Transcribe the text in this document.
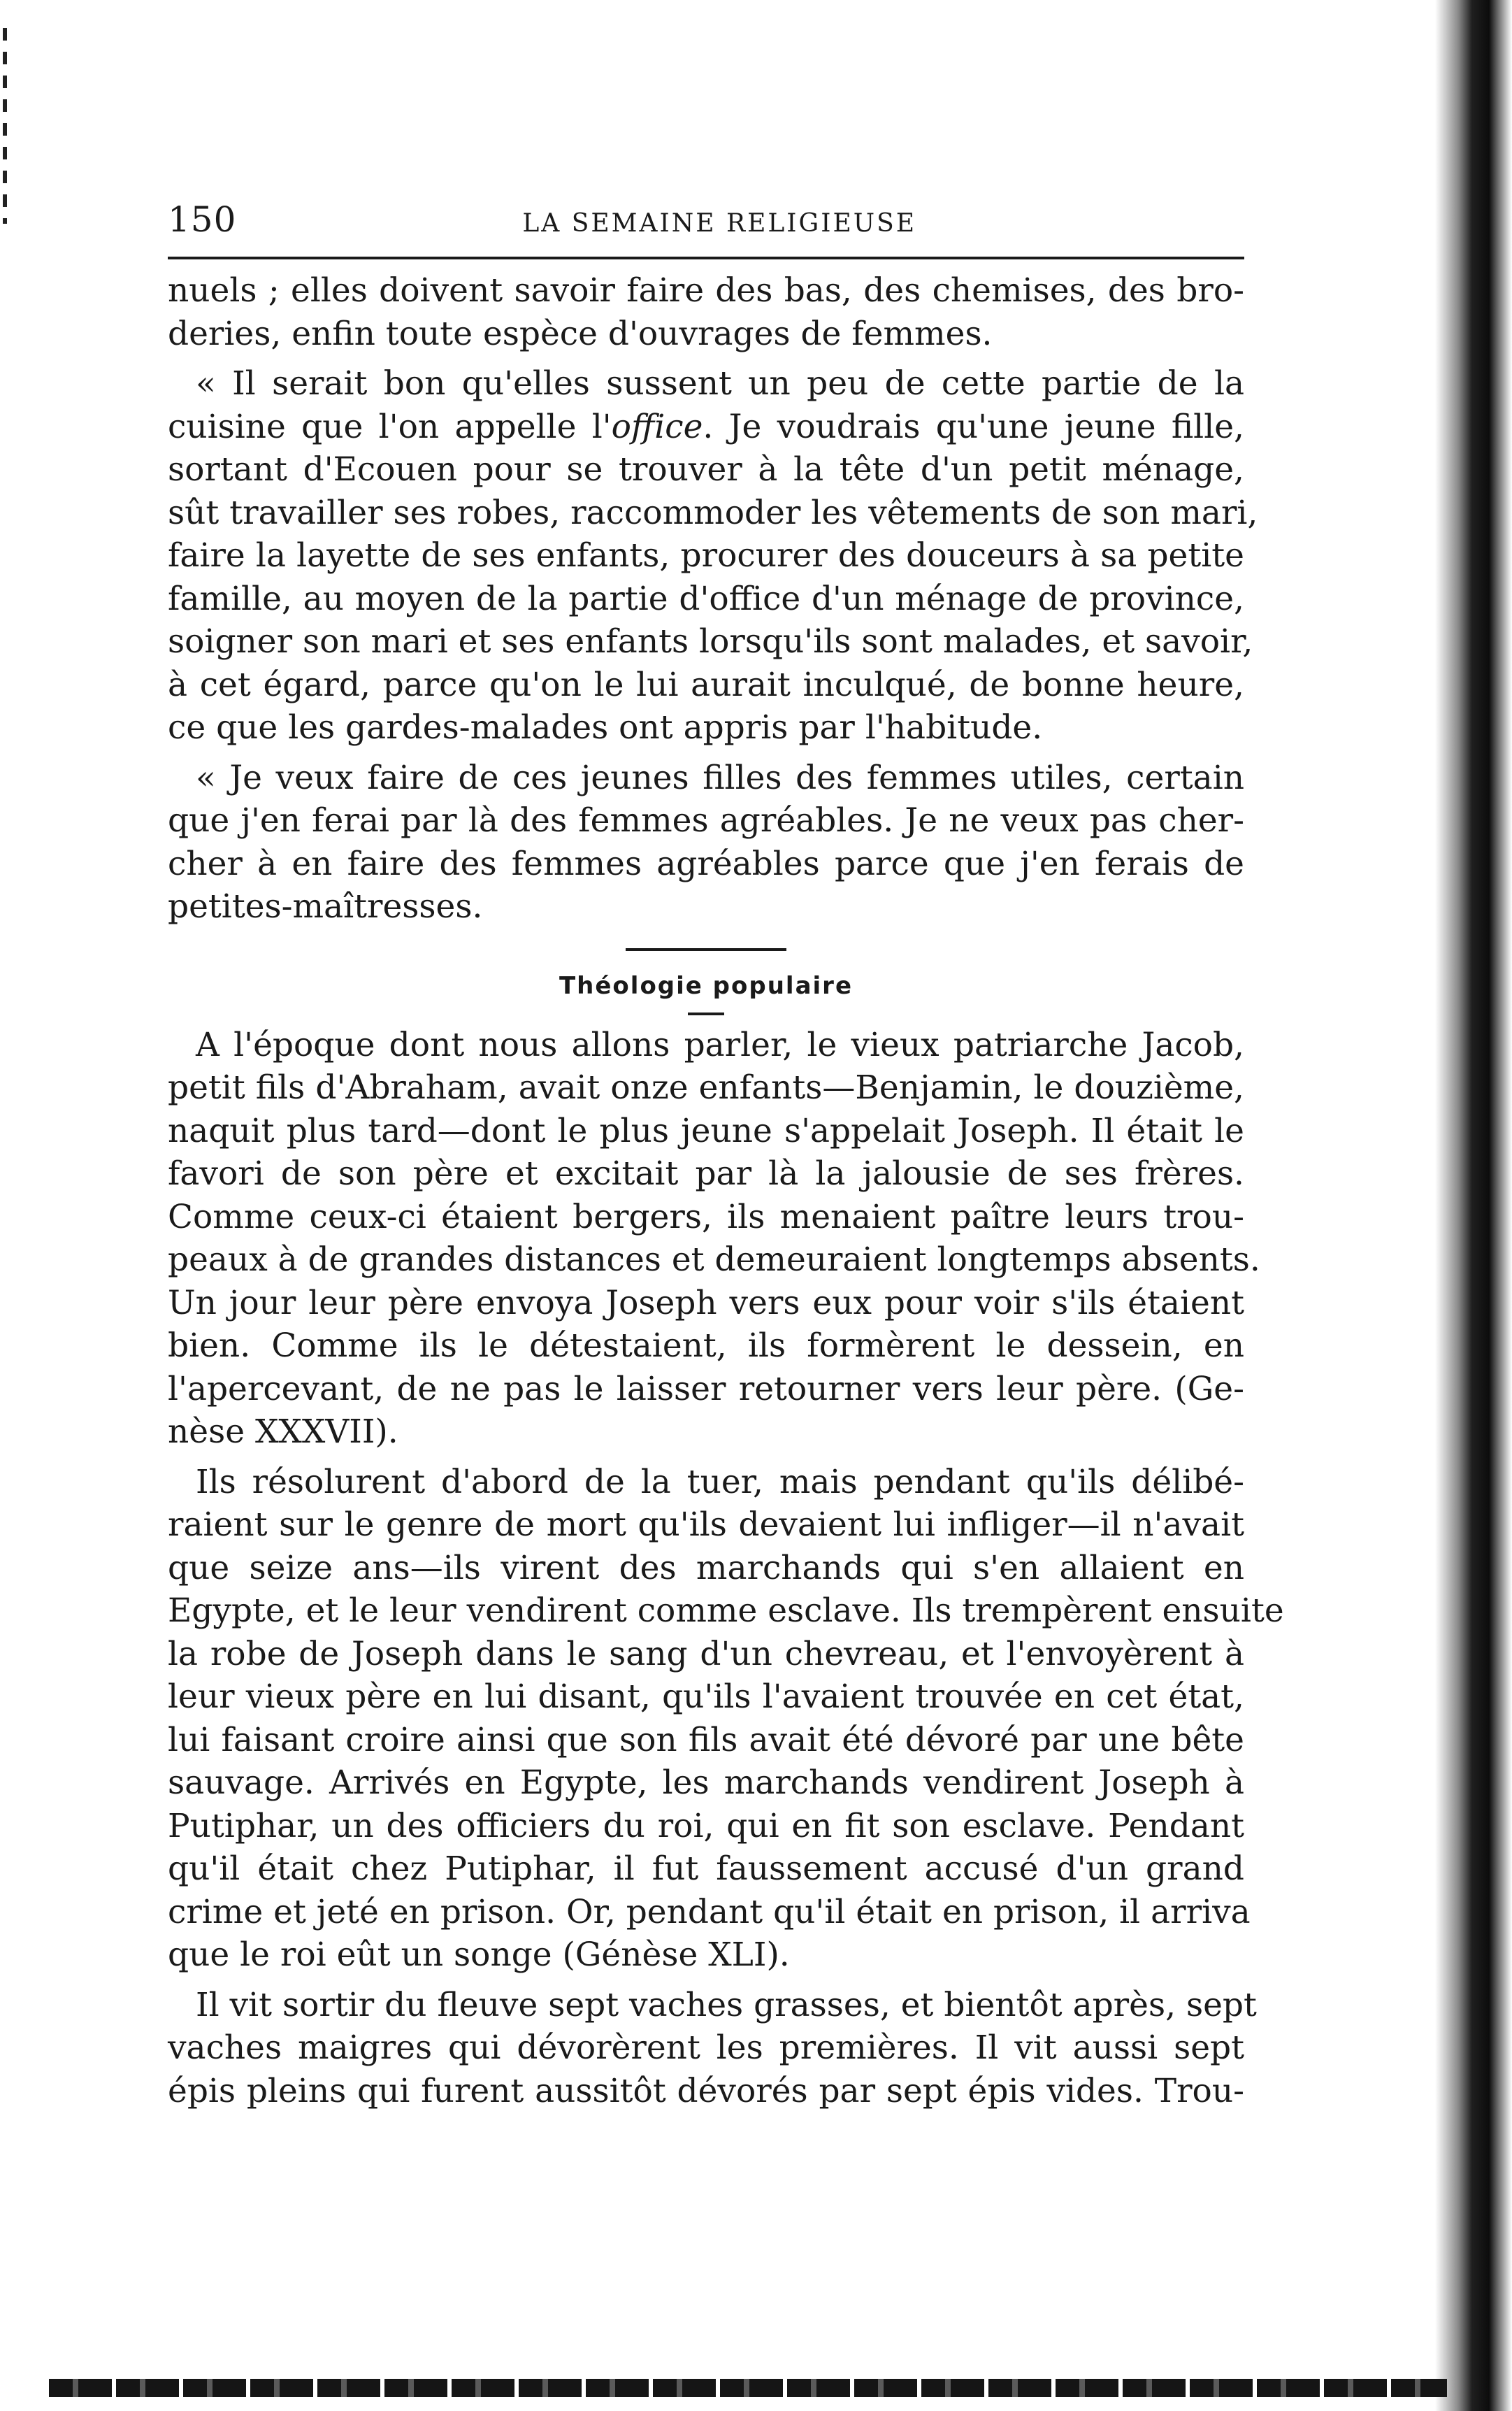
150	LA SEMAINE RELIGIEUSE
nuels ; elles doivent savoir faire des bas, des chemises, des bro-
deries, enfin toute espèce d'ouvrages de femmes.
« Il serait bon qu'elles sussent un peu de cette partie de la
cuisine que l'on appelle l'office. Je voudrais qu'une jeune fille,
sortant d'Ecouen pour se trouver à la tête d'un petit ménage,
sût travailler ses robes, raccommoder les vêtements de son mari,
faire la layette de ses enfants, procurer des douceurs à sa petite
famille, au moyen de la partie d'office d'un ménage de province,
soigner son mari et ses enfants lorsqu'ils sont malades, et savoir,
à cet égard, parce qu'on le lui aurait inculqué, de bonne heure,
ce que les gardes-malades ont appris par l'habitude.
« Je veux faire de ces jeunes filles des femmes utiles, certain
que j'en ferai par là des femmes agréables. Je ne veux pas cher-
cher à en faire des femmes agréables parce que j'en ferais de
petites-maîtresses.

Théologie populaire

A l'époque dont nous allons parler, le vieux patriarche Jacob,
petit fils d'Abraham, avait onze enfants—Benjamin, le douzième,
naquit plus tard—dont le plus jeune s'appelait Joseph. Il était le
favori de son père et excitait par là la jalousie de ses frères.
Comme ceux-ci étaient bergers, ils menaient paître leurs trou-
peaux à de grandes distances et demeuraient longtemps absents.
Un jour leur père envoya Joseph vers eux pour voir s'ils étaient
bien. Comme ils le détestaient, ils formèrent le dessein, en
l'apercevant, de ne pas le laisser retourner vers leur père. (Ge-
nèse XXXVII).
Ils résolurent d'abord de la tuer, mais pendant qu'ils délibé-
raient sur le genre de mort qu'ils devaient lui infliger—il n'avait
que seize ans—ils virent des marchands qui s'en allaient en
Egypte, et le leur vendirent comme esclave. Ils trempèrent ensuite
la robe de Joseph dans le sang d'un chevreau, et l'envoyèrent à
leur vieux père en lui disant, qu'ils l'avaient trouvée en cet état,
lui faisant croire ainsi que son fils avait été dévoré par une bête
sauvage. Arrivés en Egypte, les marchands vendirent Joseph à
Putiphar, un des officiers du roi, qui en fit son esclave. Pendant
qu'il était chez Putiphar, il fut faussement accusé d'un grand
crime et jeté en prison. Or, pendant qu'il était en prison, il arriva
que le roi eût un songe (Génèse XLI).
Il vit sortir du fleuve sept vaches grasses, et bientôt après, sept
vaches maigres qui dévorèrent les premières. Il vit aussi sept
épis pleins qui furent aussitôt dévorés par sept épis vides. Trou-
